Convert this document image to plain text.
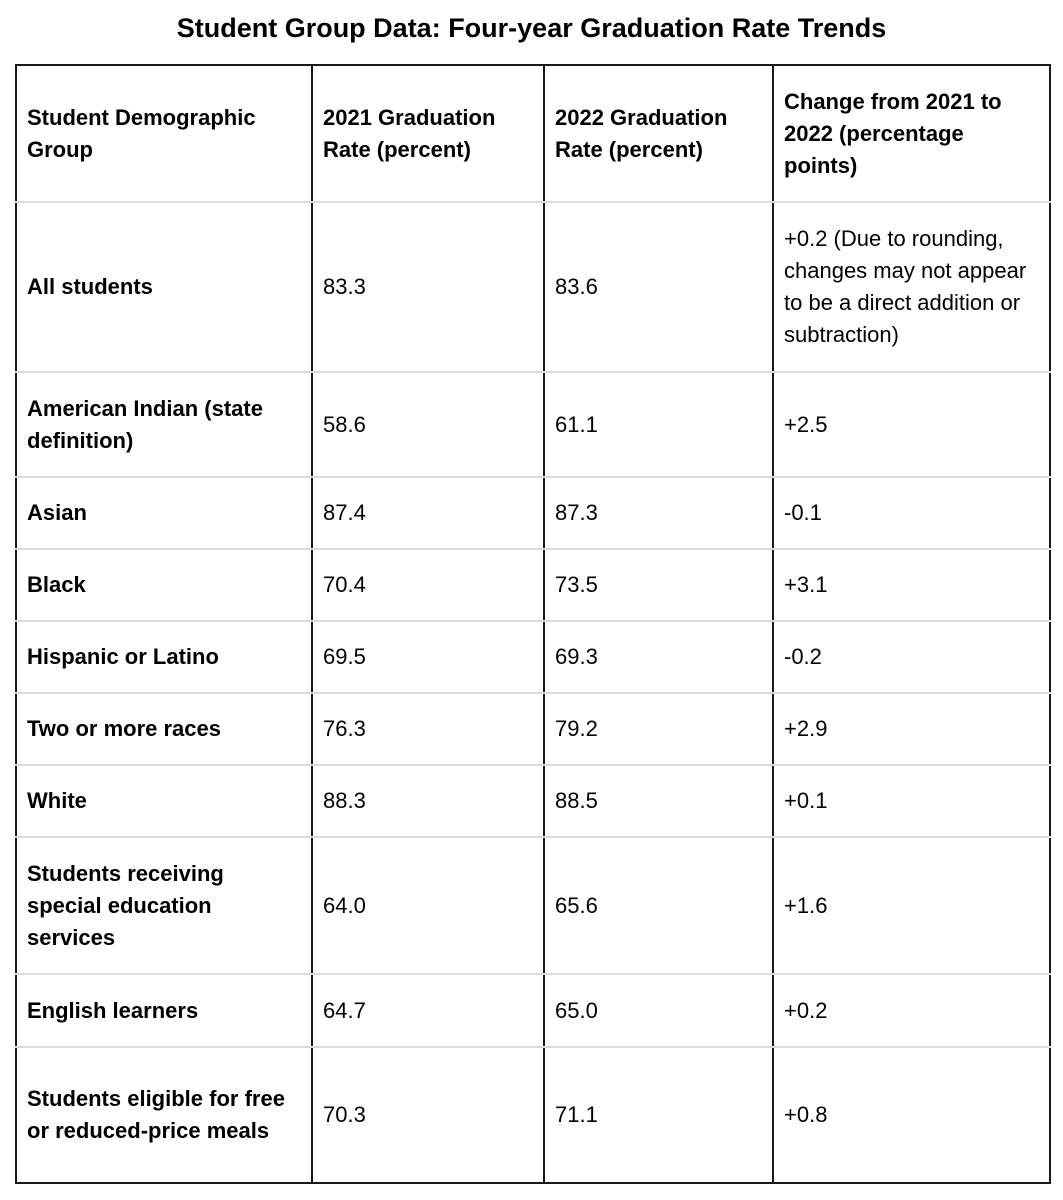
Student Group Data: Four-year Graduation Rate Trends
Student Demographic Group	2021 Graduation Rate (percent)	2022 Graduation Rate (percent)	Change from 2021 to 2022 (percentage points)
All students	83.3	83.6	+0.2 (Due to rounding, changes may not appear to be a direct addition or subtraction)
American Indian (state definition)	58.6	61.1	+2.5
Asian	87.4	87.3	-0.1
Black	70.4	73.5	+3.1
Hispanic or Latino	69.5	69.3	-0.2
Two or more races	76.3	79.2	+2.9
White	88.3	88.5	+0.1
Students receiving special education services	64.0	65.6	+1.6
English learners	64.7	65.0	+0.2
Students eligible for free or reduced-price meals	70.3	71.1	+0.8
